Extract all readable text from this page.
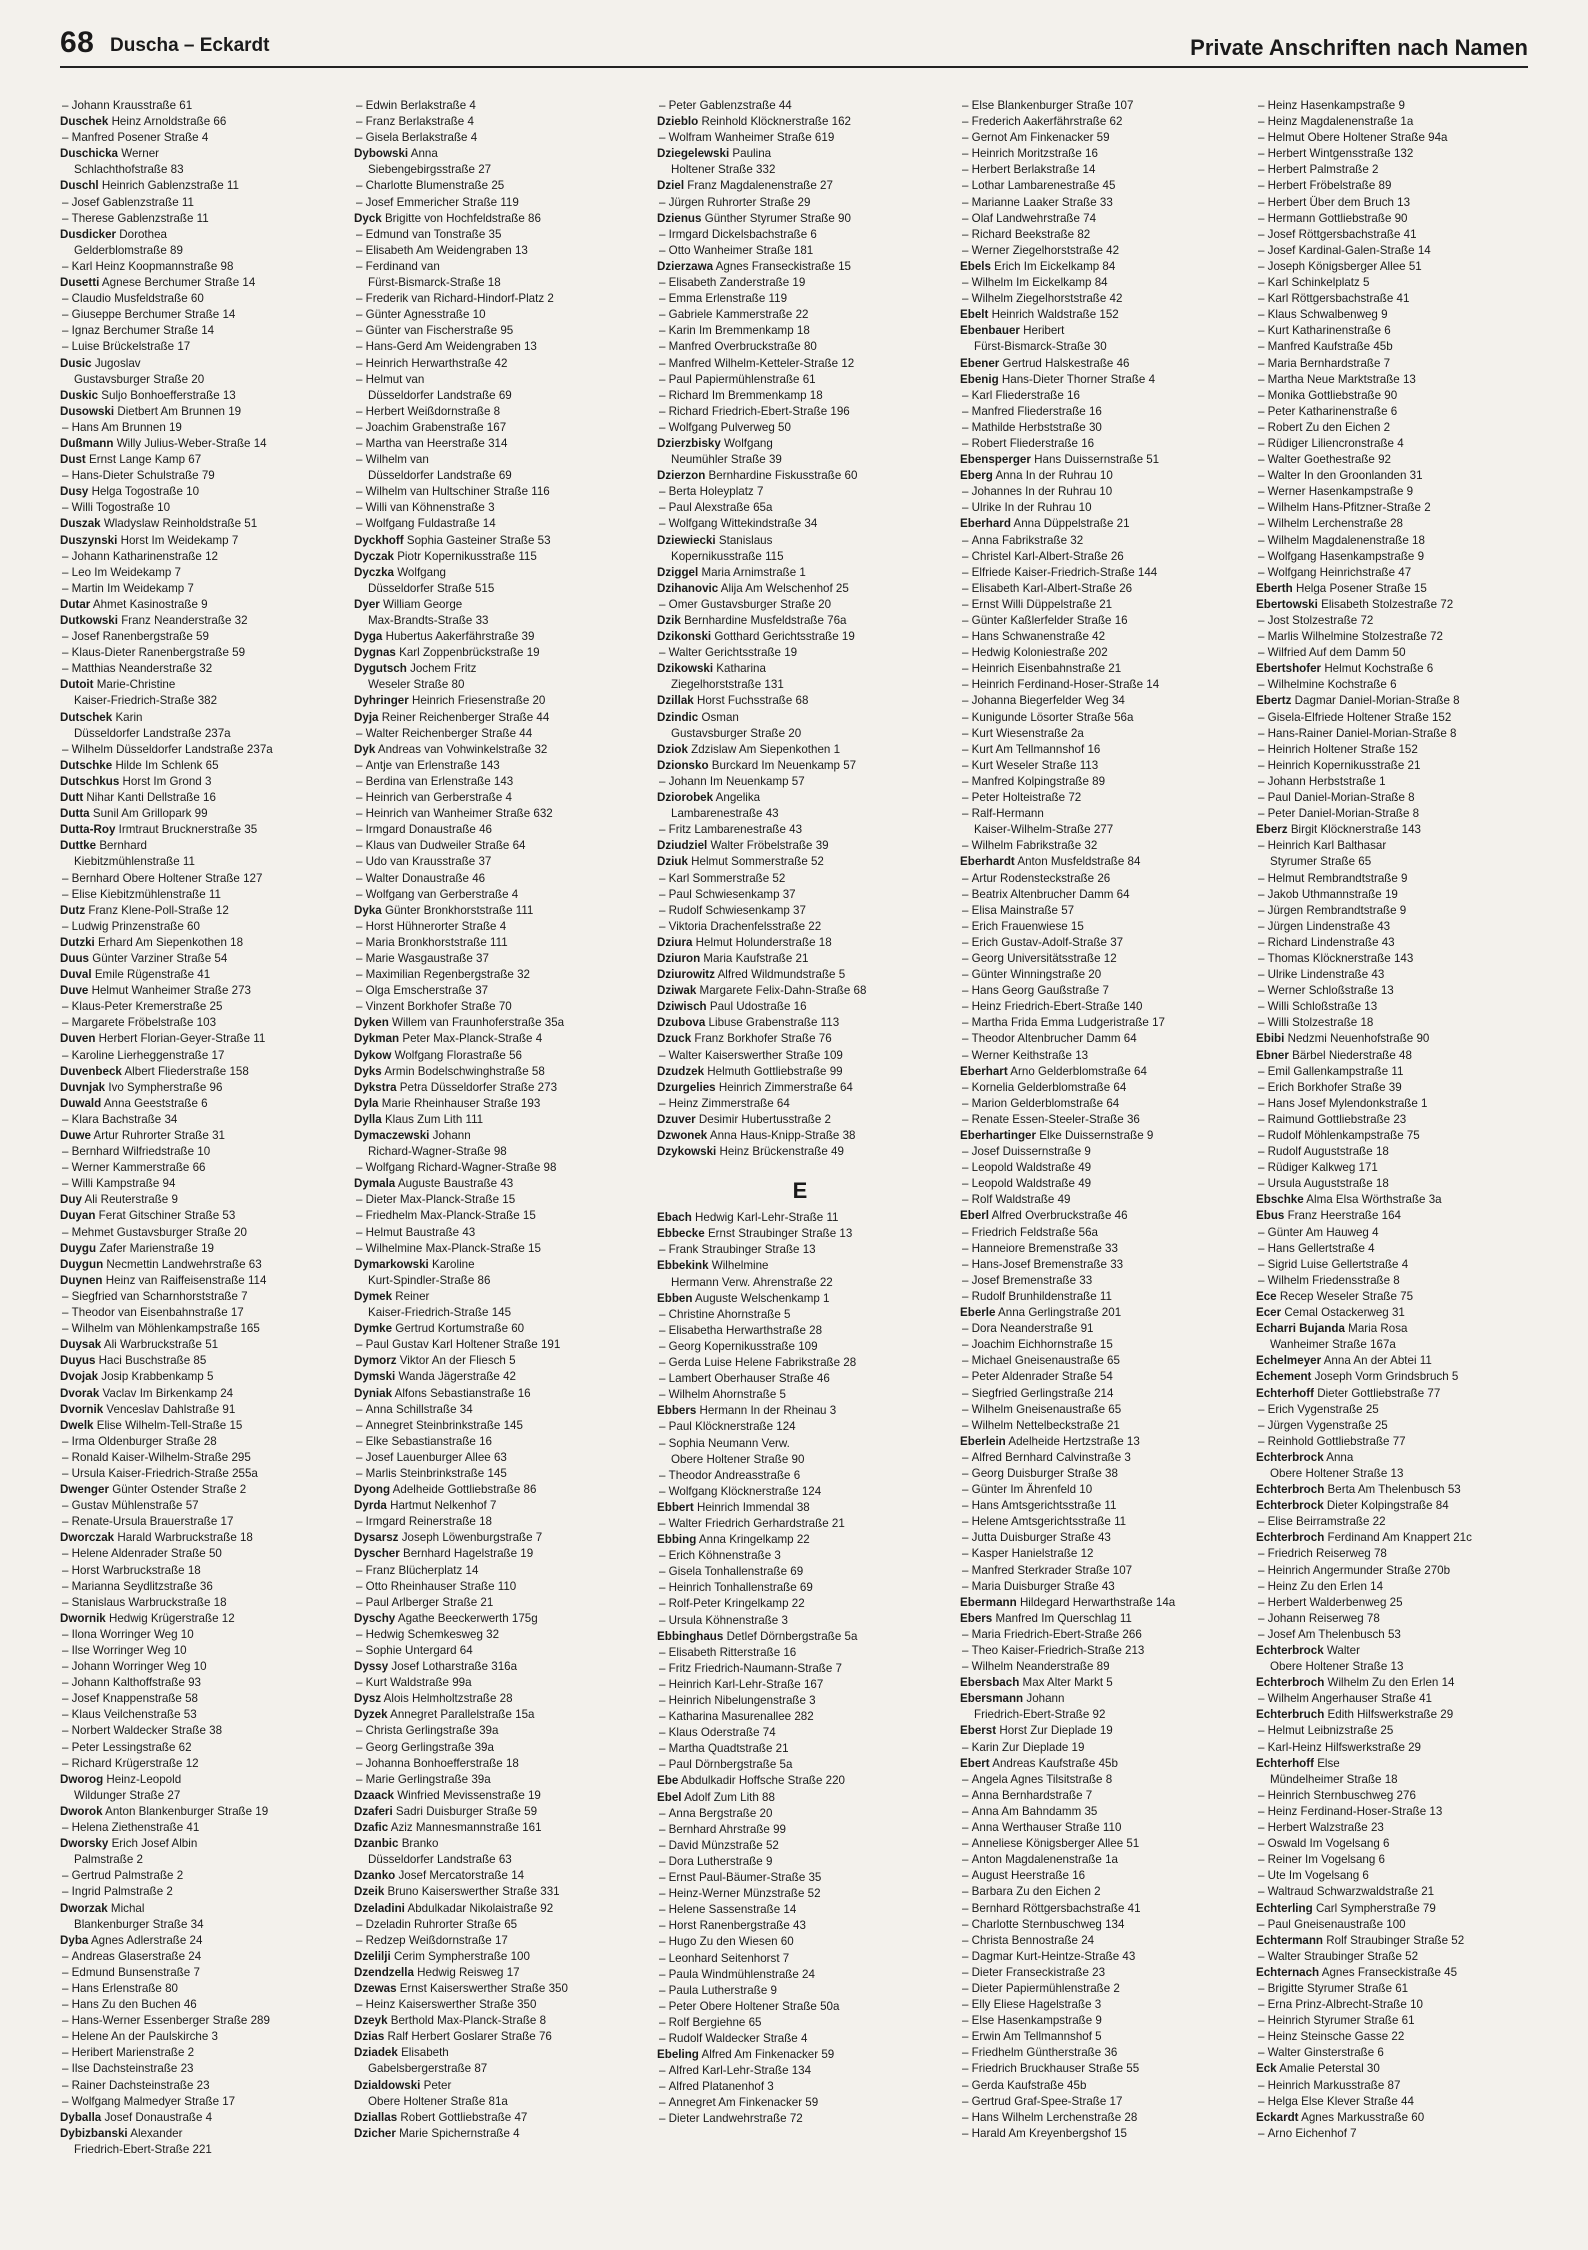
68 Duscha – Eckardt	Private Anschriften nach Namen
– Johann Krausstraße 61
Duschek Heinz Arnoldstraße 66
– Manfred Posener Straße 4
Duschicka Werner
Schlachthofstraße 83
Duschl Heinrich Gablenzstraße 11
– Josef Gablenzstraße 11
– Therese Gablenzstraße 11
Dusdicker Dorothea
Gelderblomstraße 89
– Karl Heinz Koopmannstraße 98
Dusetti Agnese Berchumer Straße 14
– Claudio Musfeldstraße 60
– Giuseppe Berchumer Straße 14
– Ignaz Berchumer Straße 14
– Luise Brückelstraße 17
Dusic Jugoslav
Gustavsburger Straße 20
Duskic Suljo Bonhoefferstraße 13
Dusowski Dietbert Am Brunnen 19
– Hans Am Brunnen 19
Dußmann Willy Julius-Weber-Straße 14
Dust Ernst Lange Kamp 67
– Hans-Dieter Schulstraße 79
Dusy Helga Togostraße 10
– Willi Togostraße 10
Duszak Wladyslaw Reinholdstraße 51
Duszynski Horst Im Weidekamp 7
– Johann Katharinenstraße 12
– Leo Im Weidekamp 7
– Martin Im Weidekamp 7
Dutar Ahmet Kasinostraße 9
Dutkowski Franz Neanderstraße 32
– Josef Ranenbergstraße 59
– Klaus-Dieter Ranenbergstraße 59
– Matthias Neanderstraße 32
Dutoit Marie-Christine
Kaiser-Friedrich-Straße 382
Dutschek Karin
Düsseldorfer Landstraße 237a
– Wilhelm Düsseldorfer Landstraße 237a
Dutschke Hilde Im Schlenk 65
Dutschkus Horst Im Grond 3
Dutt Nihar Kanti Dellstraße 16
Dutta Sunil Am Grillopark 99
Dutta-Roy Irmtraut Brucknerstraße 35
Duttke Bernhard
Kiebitzmühlenstraße 11
– Bernhard Obere Holtener Straße 127
– Elise Kiebitzmühlenstraße 11
Dutz Franz Klene-Poll-Straße 12
– Ludwig Prinzenstraße 60
Dutzki Erhard Am Siepenkothen 18
Duus Günter Varziner Straße 54
Duval Emile Rügenstraße 41
Duve Helmut Wanheimer Straße 273
– Klaus-Peter Kremerstraße 25
– Margarete Fröbelstraße 103
Duven Herbert Florian-Geyer-Straße 11
– Karoline Lierheggenstraße 17
Duvenbeck Albert Fliederstraße 158
Duvnjak Ivo Sympherstraße 96
Duwald Anna Geeststraße 6
– Klara Bachstraße 34
Duwe Artur Ruhrorter Straße 31
– Bernhard Wilfriedstraße 10
– Werner Kammerstraße 66
– Willi Kampstraße 94
Duy Ali Reuterstraße 9
Duyan Ferat Gitschiner Straße 53
– Mehmet Gustavsburger Straße 20
Duygu Zafer Marienstraße 19
Duygun Necmettin Landwehrstraße 63
Duynen Heinz van Raiffeisenstraße 114
– Siegfried van Scharnhorststraße 7
– Theodor van Eisenbahnstraße 17
– Wilhelm van Möhlenkampstraße 165
Duysak Ali Warbruckstraße 51
Duyus Haci Buschstraße 85
Dvojak Josip Krabbenkamp 5
Dvorak Vaclav Im Birkenkamp 24
Dvornik Venceslav Dahlstraße 91
Dwelk Elise Wilhelm-Tell-Straße 15
– Irma Oldenburger Straße 28
– Ronald Kaiser-Wilhelm-Straße 295
– Ursula Kaiser-Friedrich-Straße 255a
Dwenger Günter Ostender Straße 2
– Gustav Mühlenstraße 57
– Renate-Ursula Brauerstraße 17
Dworczak Harald Warbruckstraße 18
– Helene Aldenrader Straße 50
– Horst Warbruckstraße 18
– Marianna Seydlitzstraße 36
– Stanislaus Warbruckstraße 18
Dwornik Hedwig Krügerstraße 12
– Ilona Worringer Weg 10
– Ilse Worringer Weg 10
– Johann Worringer Weg 10
– Johann Kalthoffstraße 93
– Josef Knappenstraße 58
– Klaus Veilchenstraße 53
– Norbert Waldecker Straße 38
– Peter Lessingstraße 62
– Richard Krügerstraße 12
Dworog Heinz-Leopold
Wildunger Straße 27
Dworok Anton Blankenburger Straße 19
– Helena Ziethenstraße 41
Dworsky Erich Josef Albin
Palmstraße 2
– Gertrud Palmstraße 2
– Ingrid Palmstraße 2
Dworzak Michal
Blankenburger Straße 34
Dyba Agnes Adlerstraße 24
– Andreas Glaserstraße 24
– Edmund Bunsenstraße 7
– Hans Erlenstraße 80
– Hans Zu den Buchen 46
– Hans-Werner Essenberger Straße 289
– Helene An der Paulskirche 3
– Heribert Marienstraße 2
– Ilse Dachsteinstraße 23
– Rainer Dachsteinstraße 23
– Wolfgang Malmedyer Straße 17
Dyballa Josef Donaustraße 4
Dybizbanski Alexander
Friedrich-Ebert-Straße 221
– Edwin Berlakstraße 4
– Franz Berlakstraße 4
– Gisela Berlakstraße 4
Dybowski Anna
Siebengebirgsstraße 27
– Charlotte Blumenstraße 25
– Josef Emmericher Straße 119
Dyck Brigitte von Hochfeldstraße 86
– Edmund van Tonstraße 35
– Elisabeth Am Weidengraben 13
– Ferdinand van
Fürst-Bismarck-Straße 18
– Frederik van Richard-Hindorf-Platz 2
– Günter Agnesstraße 10
– Günter van Fischerstraße 95
– Hans-Gerd Am Weidengraben 13
– Heinrich Herwarthstraße 42
– Helmut van
Düsseldorfer Landstraße 69
– Herbert Weißdornstraße 8
– Joachim Grabenstraße 167
– Martha van Heerstraße 314
– Wilhelm van
Düsseldorfer Landstraße 69
– Wilhelm van Hultschiner Straße 116
– Willi van Köhnenstraße 3
– Wolfgang Fuldastraße 14
Dyckhoff Sophia Gasteiner Straße 53
Dyczak Piotr Kopernikusstraße 115
Dyczka Wolfgang
Düsseldorfer Straße 515
Dyer William George
Max-Brandts-Straße 33
Dyga Hubertus Aakerfährstraße 39
Dygnas Karl Zoppenbrückstraße 19
Dygutsch Jochem Fritz
Weseler Straße 80
Dyhringer Heinrich Friesenstraße 20
Dyja Reiner Reichenberger Straße 44
– Walter Reichenberger Straße 44
Dyk Andreas van Vohwinkelstraße 32
– Antje van Erlenstraße 143
– Berdina van Erlenstraße 143
– Heinrich van Gerberstraße 4
– Heinrich van Wanheimer Straße 632
– Irmgard Donaustraße 46
– Klaus van Dudweiler Straße 64
– Udo van Krausstraße 37
– Walter Donaustraße 46
– Wolfgang van Gerberstraße 4
Dyka Günter Bronkhorststraße 111
– Horst Hühnerorter Straße 4
– Maria Bronkhorststraße 111
– Marie Wasgaustraße 37
– Maximilian Regenbergstraße 32
– Olga Emscherstraße 37
– Vinzent Borkhofer Straße 70
Dyken Willem van Fraunhoferstraße 35a
Dykman Peter Max-Planck-Straße 4
Dykow Wolfgang Florastraße 56
Dyks Armin Bodelschwinghstraße 58
Dykstra Petra Düsseldorfer Straße 273
Dyla Marie Rheinhauser Straße 193
Dylla Klaus Zum Lith 111
Dymaczewski Johann
Richard-Wagner-Straße 98
– Wolfgang Richard-Wagner-Straße 98
Dymala Auguste Baustraße 43
– Dieter Max-Planck-Straße 15
– Friedhelm Max-Planck-Straße 15
– Helmut Baustraße 43
– Wilhelmine Max-Planck-Straße 15
Dymarkowski Karoline
Kurt-Spindler-Straße 86
Dymek Reiner
Kaiser-Friedrich-Straße 145
Dymke Gertrud Kortumstraße 60
– Paul Gustav Karl Holtener Straße 191
Dymorz Viktor An der Fliesch 5
Dymski Wanda Jägerstraße 42
Dyniak Alfons Sebastianstraße 16
– Anna Schillstraße 34
– Annegret Steinbrinkstraße 145
– Elke Sebastianstraße 16
– Josef Lauenburger Allee 63
– Marlis Steinbrinkstraße 145
Dyong Adelheide Gottliebstraße 86
Dyrda Hartmut Nelkenhof 7
– Irmgard Reinerstraße 18
Dysarsz Joseph Löwenburgstraße 7
Dyscher Bernhard Hagelstraße 19
– Franz Blücherplatz 14
– Otto Rheinhauser Straße 110
– Paul Arlberger Straße 21
Dyschy Agathe Beeckerwerth 175g
– Hedwig Schemkesweg 32
– Sophie Untergard 64
Dyssy Josef Lotharstraße 316a
– Kurt Waldstraße 99a
Dysz Alois Helmholtzstraße 28
Dyzek Annegret Parallelstraße 15a
– Christa Gerlingstraße 39a
– Georg Gerlingstraße 39a
– Johanna Bonhoefferstraße 18
– Marie Gerlingstraße 39a
Dzaack Winfried Mevissenstraße 19
Dzaferi Sadri Duisburger Straße 59
Dzafic Aziz Mannesmannstraße 161
Dzanbic Branko
Düsseldorfer Landstraße 63
Dzanko Josef Mercatorstraße 14
Dzeik Bruno Kaiserswerther Straße 331
Dzeladini Abdulkadar Nikolaistraße 92
– Dzeladin Ruhrorter Straße 65
– Redzep Weißdornstraße 17
Dzelilji Cerim Sympherstraße 100
Dzendzella Hedwig Reisweg 17
Dzewas Ernst Kaiserswerther Straße 350
– Heinz Kaiserswerther Straße 350
Dzeyk Berthold Max-Planck-Straße 8
Dzias Ralf Herbert Goslarer Straße 76
Dziadek Elisabeth
Gabelsbergerstraße 87
Dzialdowski Peter
Obere Holtener Straße 81a
Dziallas Robert Gottliebstraße 47
Dzicher Marie Spichernstraße 4
– Peter Gablenzstraße 44
Dzieblo Reinhold Klöcknerstraße 162
– Wolfram Wanheimer Straße 619
Dziegelewski Paulina
Holtener Straße 332
Dziel Franz Magdalenenstraße 27
– Jürgen Ruhrorter Straße 29
Dzienus Günther Styrumer Straße 90
– Irmgard Dickelsbachstraße 6
– Otto Wanheimer Straße 181
Dzierzawa Agnes Franseckistraße 15
– Elisabeth Zanderstraße 19
– Emma Erlenstraße 119
– Gabriele Kammerstraße 22
– Karin Im Bremmenkamp 18
– Manfred Overbruckstraße 80
– Manfred Wilhelm-Ketteler-Straße 12
– Paul Papiermühlenstraße 61
– Richard Im Bremmenkamp 18
– Richard Friedrich-Ebert-Straße 196
– Wolfgang Pulverweg 50
Dzierzbisky Wolfgang
Neumühler Straße 39
Dzierzon Bernhardine Fiskusstraße 60
– Berta Holeyplatz 7
– Paul Alexstraße 65a
– Wolfgang Wittekindstraße 34
Dziewiecki Stanislaus
Kopernikusstraße 115
Dziggel Maria Arnimstraße 1
Dzihanovic Alija Am Welschenhof 25
– Omer Gustavsburger Straße 20
Dzik Bernhardine Musfeldstraße 76a
Dzikonski Gotthard Gerichtsstraße 19
– Walter Gerichtsstraße 19
Dzikowski Katharina
Ziegelhorststraße 131
Dzillak Horst Fuchsstraße 68
Dzindic Osman
Gustavsburger Straße 20
Dziok Zdzislaw Am Siepenkothen 1
Dzionsko Burckard Im Neuenkamp 57
– Johann Im Neuenkamp 57
Dziorobek Angelika
Lambarenestraße 43
– Fritz Lambarenestraße 43
Dziudziel Walter Fröbelstraße 39
Dziuk Helmut Sommerstraße 52
– Karl Sommerstraße 52
– Paul Schwiesenkamp 37
– Rudolf Schwiesenkamp 37
– Viktoria Drachenfelsstraße 22
Dziura Helmut Holunderstraße 18
Dziuron Maria Kaufstraße 21
Dziurowitz Alfred Wildmundstraße 5
Dziwak Margarete Felix-Dahn-Straße 68
Dziwisch Paul Udostraße 16
Dzubova Libuse Grabenstraße 113
Dzuck Franz Borkhofer Straße 76
– Walter Kaiserswerther Straße 109
Dzudzek Helmuth Gottliebstraße 99
Dzurgelies Heinrich Zimmerstraße 64
– Heinz Zimmerstraße 64
Dzuver Desimir Hubertusstraße 2
Dzwonek Anna Haus-Knipp-Straße 38
Dzykowski Heinz Brückenstraße 49
E
Ebach Hedwig Karl-Lehr-Straße 11
Ebbecke Ernst Straubinger Straße 13
– Frank Straubinger Straße 13
Ebbekink Wilhelmine
Hermann Verw. Ahrenstraße 22
Ebben Auguste Welschenkamp 1
– Christine Ahornstraße 5
– Elisabetha Herwarthstraße 28
– Georg Kopernikusstraße 109
– Gerda Luise Helene Fabrikstraße 28
– Lambert Oberhauser Straße 46
– Wilhelm Ahornstraße 5
Ebbers Hermann In der Rheinau 3
– Paul Klöcknerstraße 124
– Sophia Neumann Verw.
Obere Holtener Straße 90
– Theodor Andreasstraße 6
– Wolfgang Klöcknerstraße 124
Ebbert Heinrich Immendal 38
– Walter Friedrich Gerhardstraße 21
Ebbing Anna Kringelkamp 22
– Erich Köhnenstraße 3
– Gisela Tonhallenstraße 69
– Heinrich Tonhallenstraße 69
– Rolf-Peter Kringelkamp 22
– Ursula Köhnenstraße 3
Ebbinghaus Detlef Dörnbergstraße 5a
– Elisabeth Ritterstraße 16
– Fritz Friedrich-Naumann-Straße 7
– Heinrich Karl-Lehr-Straße 167
– Heinrich Nibelungenstraße 3
– Katharina Masurenallee 282
– Klaus Oderstraße 74
– Martha Quadtstraße 21
– Paul Dörnbergstraße 5a
Ebe Abdulkadir Hoffsche Straße 220
Ebel Adolf Zum Lith 88
– Anna Bergstraße 20
– Bernhard Ahrstraße 99
– David Münzstraße 52
– Dora Lutherstraße 9
– Ernst Paul-Bäumer-Straße 35
– Heinz-Werner Münzstraße 52
– Helene Sassenstraße 14
– Horst Ranenbergstraße 43
– Hugo Zu den Wiesen 60
– Leonhard Seitenhorst 7
– Paula Windmühlenstraße 24
– Paula Lutherstraße 9
– Peter Obere Holtener Straße 50a
– Rolf Bergiehne 65
– Rudolf Waldecker Straße 4
Ebeling Alfred Am Finkenacker 59
– Alfred Karl-Lehr-Straße 134
– Alfred Platanenhof 3
– Annegret Am Finkenacker 59
– Dieter Landwehrstraße 72
– Else Blankenburger Straße 107
– Frederich Aakerfährstraße 62
– Gernot Am Finkenacker 59
– Heinrich Moritzstraße 16
– Herbert Berlakstraße 14
– Lothar Lambarenestraße 45
– Marianne Laaker Straße 33
– Olaf Landwehrstraße 74
– Richard Beekstraße 82
– Werner Ziegelhorststraße 42
Ebels Erich Im Eickelkamp 84
– Wilhelm Im Eickelkamp 84
– Wilhelm Ziegelhorststraße 42
Ebelt Heinrich Waldstraße 152
Ebenbauer Heribert
Fürst-Bismarck-Straße 30
Ebener Gertrud Halskestraße 46
Ebenig Hans-Dieter Thorner Straße 4
– Karl Fliederstraße 16
– Manfred Fliederstraße 16
– Mathilde Herbststraße 30
– Robert Fliederstraße 16
Ebensperger Hans Duissernstraße 51
Eberg Anna In der Ruhrau 10
– Johannes In der Ruhrau 10
– Ulrike In der Ruhrau 10
Eberhard Anna Düppelstraße 21
– Anna Fabrikstraße 32
– Christel Karl-Albert-Straße 26
– Elfriede Kaiser-Friedrich-Straße 144
– Elisabeth Karl-Albert-Straße 26
– Ernst Willi Düppelstraße 21
– Günter Kaßlerfelder Straße 16
– Hans Schwanenstraße 42
– Hedwig Koloniestraße 202
– Heinrich Eisenbahnstraße 21
– Heinrich Ferdinand-Hoser-Straße 14
– Johanna Biegerfelder Weg 34
– Kunigunde Lösorter Straße 56a
– Kurt Wiesenstraße 2a
– Kurt Am Tellmannshof 16
– Kurt Weseler Straße 113
– Manfred Kolpingstraße 89
– Peter Holteistraße 72
– Ralf-Hermann
Kaiser-Wilhelm-Straße 277
– Wilhelm Fabrikstraße 32
Eberhardt Anton Musfeldstraße 84
– Artur Rodensteckstraße 26
– Beatrix Altenbrucher Damm 64
– Elisa Mainstraße 57
– Erich Frauenwiese 15
– Erich Gustav-Adolf-Straße 37
– Georg Universitätsstraße 12
– Günter Winningstraße 20
– Hans Georg Gaußstraße 7
– Heinz Friedrich-Ebert-Straße 140
– Martha Frida Emma Ludgeristraße 17
– Theodor Altenbrucher Damm 64
– Werner Keithstraße 13
Eberhart Arno Gelderblomstraße 64
– Kornelia Gelderblomstraße 64
– Marion Gelderblomstraße 64
– Renate Essen-Steeler-Straße 36
Eberhartinger Elke Duissernstraße 9
– Josef Duissernstraße 9
– Leopold Waldstraße 49
– Leopold Waldstraße 49
– Rolf Waldstraße 49
Eberl Alfred Overbruckstraße 46
– Friedrich Feldstraße 56a
– Hanneiore Bremenstraße 33
– Hans-Josef Bremenstraße 33
– Josef Bremenstraße 33
– Rudolf Brunhildenstraße 11
Eberle Anna Gerlingstraße 201
– Dora Neanderstraße 91
– Joachim Eichhornstraße 15
– Michael Gneisenaustraße 65
– Peter Aldenrader Straße 54
– Siegfried Gerlingstraße 214
– Wilhelm Gneisenaustraße 65
– Wilhelm Nettelbeckstraße 21
Eberlein Adelheide Hertzstraße 13
– Alfred Bernhard Calvinstraße 3
– Georg Duisburger Straße 38
– Günter Im Ährenfeld 10
– Hans Amtsgerichtsstraße 11
– Helene Amtsgerichtsstraße 11
– Jutta Duisburger Straße 43
– Kasper Hanielstraße 12
– Manfred Sterkrader Straße 107
– Maria Duisburger Straße 43
Ebermann Hildegard Herwarthstraße 14a
Ebers Manfred Im Querschlag 11
– Maria Friedrich-Ebert-Straße 266
– Theo Kaiser-Friedrich-Straße 213
– Wilhelm Neanderstraße 89
Ebersbach Max Alter Markt 5
Ebersmann Johann
Friedrich-Ebert-Straße 92
Eberst Horst Zur Dieplade 19
– Karin Zur Dieplade 19
Ebert Andreas Kaufstraße 45b
– Angela Agnes Tilsitstraße 8
– Anna Bernhardstraße 7
– Anna Am Bahndamm 35
– Anna Werthauser Straße 110
– Anneliese Königsberger Allee 51
– Anton Magdalenenstraße 1a
– August Heerstraße 16
– Barbara Zu den Eichen 2
– Bernhard Röttgersbachstraße 41
– Charlotte Sternbuschweg 134
– Christa Bennostraße 24
– Dagmar Kurt-Heintze-Straße 43
– Dieter Franseckistraße 23
– Dieter Papiermühlenstraße 2
– Elly Eliese Hagelstraße 3
– Else Hasenkampstraße 9
– Erwin Am Tellmannshof 5
– Friedhelm Güntherstraße 36
– Friedrich Bruckhauser Straße 55
– Gerda Kaufstraße 45b
– Gertrud Graf-Spee-Straße 17
– Hans Wilhelm Lerchenstraße 28
– Harald Am Kreyenbergshof 15
– Heinz Hasenkampstraße 9
– Heinz Magdalenenstraße 1a
– Helmut Obere Holtener Straße 94a
– Herbert Wintgensstraße 132
– Herbert Palmstraße 2
– Herbert Fröbelstraße 89
– Herbert Über dem Bruch 13
– Hermann Gottliebstraße 90
– Josef Röttgersbachstraße 41
– Josef Kardinal-Galen-Straße 14
– Joseph Königsberger Allee 51
– Karl Schinkelplatz 5
– Karl Röttgersbachstraße 41
– Klaus Schwalbenweg 9
– Kurt Katharinenstraße 6
– Manfred Kaufstraße 45b
– Maria Bernhardstraße 7
– Martha Neue Marktstraße 13
– Monika Gottliebstraße 90
– Peter Katharinenstraße 6
– Robert Zu den Eichen 2
– Rüdiger Liliencronstraße 4
– Walter Goethestraße 92
– Walter In den Groonlanden 31
– Werner Hasenkampstraße 9
– Wilhelm Hans-Pfitzner-Straße 2
– Wilhelm Lerchenstraße 28
– Wilhelm Magdalenenstraße 18
– Wolfgang Hasenkampstraße 9
– Wolfgang Heinrichstraße 47
Eberth Helga Posener Straße 15
Ebertowski Elisabeth Stolzestraße 72
– Jost Stolzestraße 72
– Marlis Wilhelmine Stolzestraße 72
– Wilfried Auf dem Damm 50
Ebertshofer Helmut Kochstraße 6
– Wilhelmine Kochstraße 6
Ebertz Dagmar Daniel-Morian-Straße 8
– Gisela-Elfriede Holtener Straße 152
– Hans-Rainer Daniel-Morian-Straße 8
– Heinrich Holtener Straße 152
– Heinrich Kopernikusstraße 21
– Johann Herbststraße 1
– Paul Daniel-Morian-Straße 8
– Peter Daniel-Morian-Straße 8
Eberz Birgit Klöcknerstraße 143
– Heinrich Karl Balthasar
Styrumer Straße 65
– Helmut Rembrandtstraße 9
– Jakob Uthmannstraße 19
– Jürgen Rembrandtstraße 9
– Jürgen Lindenstraße 43
– Richard Lindenstraße 43
– Thomas Klöcknerstraße 143
– Ulrike Lindenstraße 43
– Werner Schloßstraße 13
– Willi Schloßstraße 13
– Willi Stolzestraße 18
Ebibi Nedzmi Neuenhofstraße 90
Ebner Bärbel Niederstraße 48
– Emil Gallenkampstraße 11
– Erich Borkhofer Straße 39
– Hans Josef Mylendonkstraße 1
– Raimund Gottliebstraße 23
– Rudolf Möhlenkampstraße 75
– Rudolf Auguststraße 18
– Rüdiger Kalkweg 171
– Ursula Auguststraße 18
Ebschke Alma Elsa Wörthstraße 3a
Ebus Franz Heerstraße 164
– Günter Am Hauweg 4
– Hans Gellertstraße 4
– Sigrid Luise Gellertstraße 4
– Wilhelm Friedensstraße 8
Ece Recep Weseler Straße 75
Ecer Cemal Ostackerweg 31
Echarri Bujanda Maria Rosa
Wanheimer Straße 167a
Echelmeyer Anna An der Abtei 11
Echement Joseph Vorm Grindsbruch 5
Echterhoff Dieter Gottliebstraße 77
– Erich Vygenstraße 25
– Jürgen Vygenstraße 25
– Reinhold Gottliebstraße 77
Echterbrock Anna
Obere Holtener Straße 13
Echterbroch Berta Am Thelenbusch 53
Echterbrock Dieter Kolpingstraße 84
– Elise Beirramstraße 22
Echterbroch Ferdinand Am Knappert 21c
– Friedrich Reiserweg 78
– Heinrich Angermunder Straße 270b
– Heinz Zu den Erlen 14
– Herbert Walderbenweg 25
– Johann Reiserweg 78
– Josef Am Thelenbusch 53
Echterbrock Walter
Obere Holtener Straße 13
Echterbroch Wilhelm Zu den Erlen 14
– Wilhelm Angerhauser Straße 41
Echterbruch Edith Hilfswerkstraße 29
– Helmut Leibnizstraße 25
– Karl-Heinz Hilfswerkstraße 29
Echterhoff Else
Mündelheimer Straße 18
– Heinrich Sternbuschweg 276
– Heinz Ferdinand-Hoser-Straße 13
– Herbert Walzstraße 23
– Oswald Im Vogelsang 6
– Reiner Im Vogelsang 6
– Ute Im Vogelsang 6
– Waltraud Schwarzwaldstraße 21
Echterling Carl Sympherstraße 79
– Paul Gneisenaustraße 100
Echtermann Rolf Straubinger Straße 52
– Walter Straubinger Straße 52
Echternach Agnes Franseckistraße 45
– Brigitte Styrumer Straße 61
– Erna Prinz-Albrecht-Straße 10
– Heinrich Styrumer Straße 61
– Heinz Steinsche Gasse 22
– Walter Ginsterstraße 6
Eck Amalie Peterstal 30
– Heinrich Markusstraße 87
– Helga Else Klever Straße 44
Eckardt Agnes Markusstraße 60
– Arno Eichenhof 7
